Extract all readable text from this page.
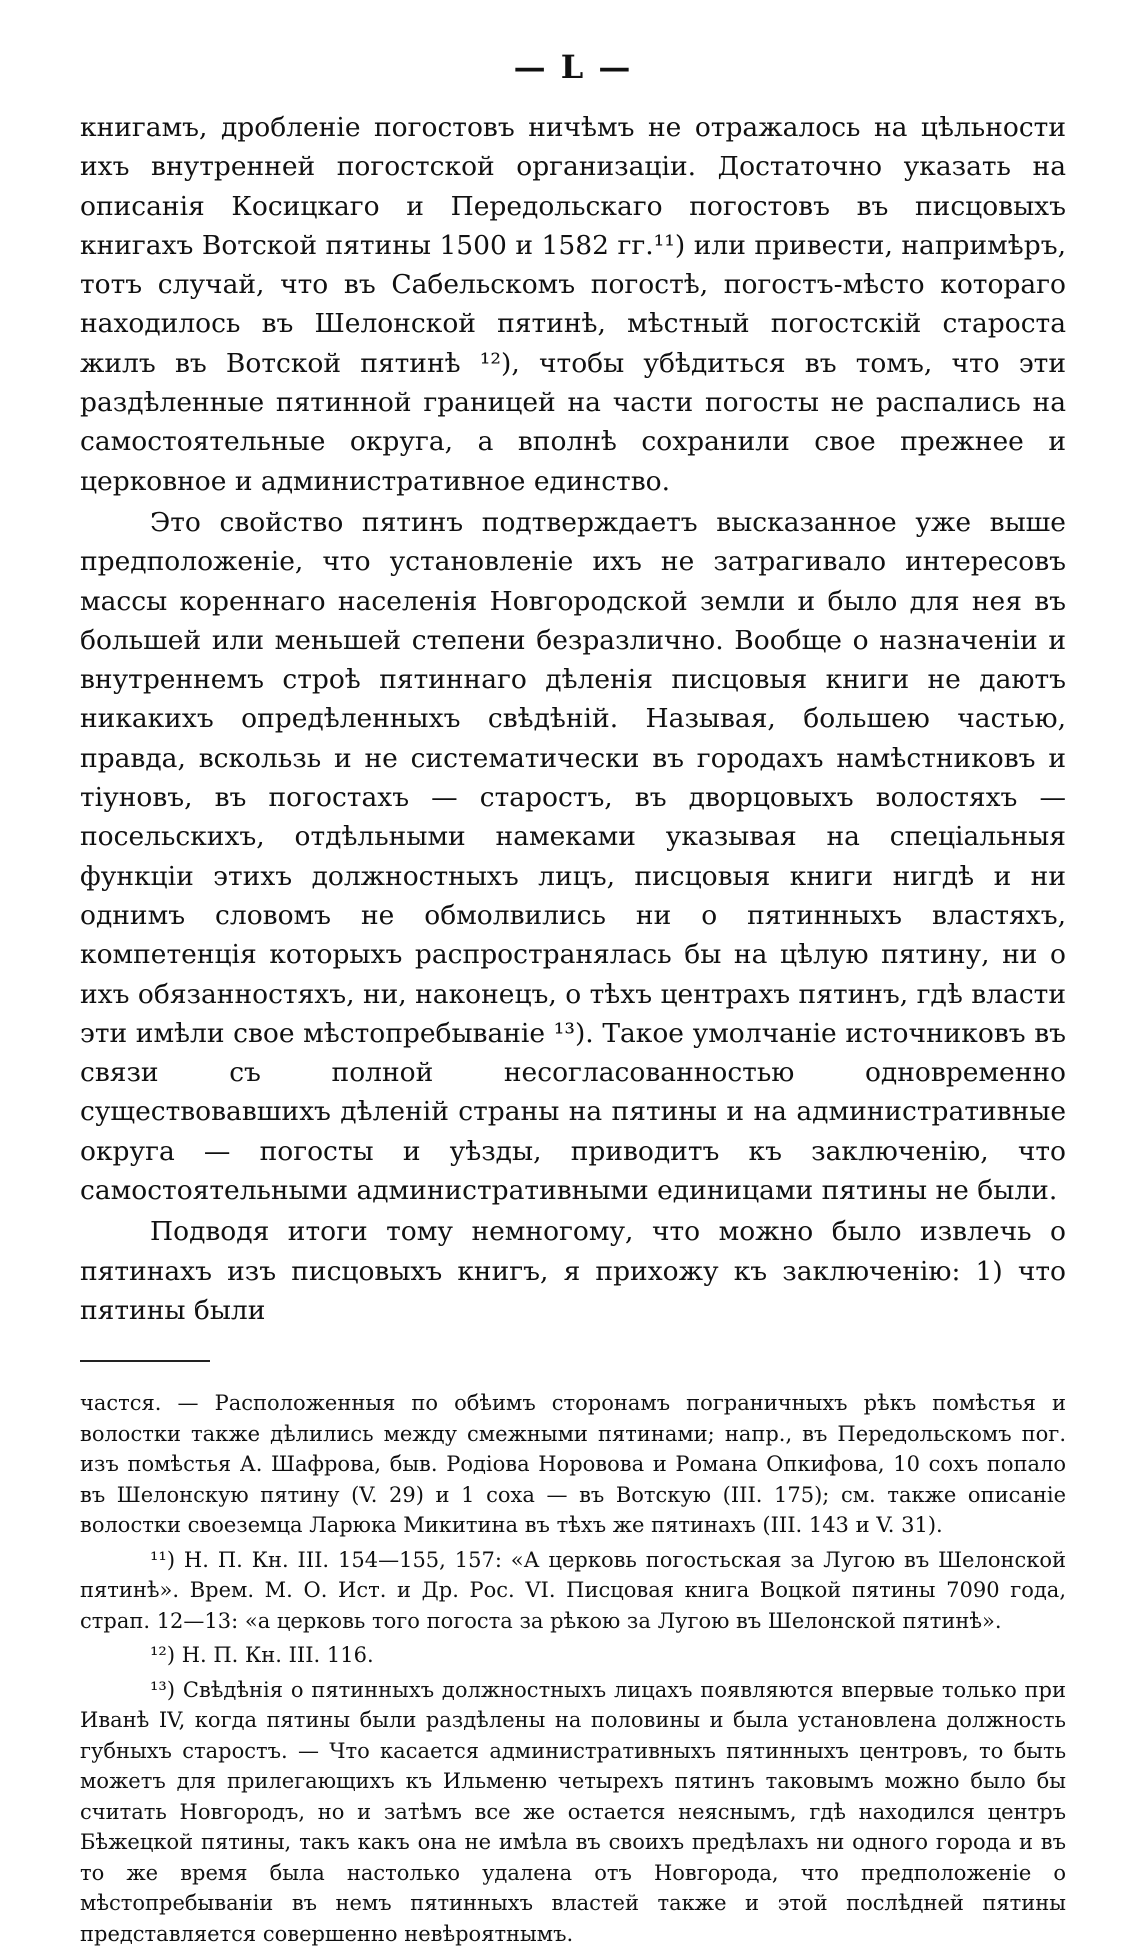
— L —

книгамъ, дробленіе погостовъ ничѣмъ не отражалось на цѣльности ихъ внутренней погостской организаціи. Достаточно указать на описанія Косицкаго и Передольскаго погостовъ въ писцовыхъ книгахъ Вотской пятины 1500 и 1582 гг.¹¹) или привести, напримѣръ, тотъ случай, что въ Сабельскомъ погостѣ, погостъ-мѣсто котораго находилось въ Шелонской пятинѣ, мѣстный погостскій староста жилъ въ Вотской пятинѣ ¹²), чтобы убѣдиться въ томъ, что эти раздѣленные пятинной границей на части погосты не распались на самостоятельные округа, а вполнѣ сохранили свое прежнее и церковное и административное единство.

Это свойство пятинъ подтверждаетъ высказанное уже выше предположеніе, что установленіе ихъ не затрагивало интересовъ массы кореннаго населенія Новгородской земли и было для нея въ большей или меньшей степени безразлично. Вообще о назначеніи и внутреннемъ строѣ пятиннаго дѣленія писцовыя книги не даютъ никакихъ опредѣленныхъ свѣдѣній. Называя, большею частью, правда, вскользь и не систематически въ городахъ намѣстниковъ и тіуновъ, въ погостахъ — старостъ, въ дворцовыхъ волостяхъ — посельскихъ, отдѣльными намеками указывая на спеціальныя функціи этихъ должностныхъ лицъ, писцовыя книги нигдѣ и ни однимъ словомъ не обмолвились ни о пятинныхъ властяхъ, компетенція которыхъ распространялась бы на цѣлую пятину, ни о ихъ обязанностяхъ, ни, наконецъ, о тѣхъ центрахъ пятинъ, гдѣ власти эти имѣли свое мѣстопребываніе ¹³). Такое умолчаніе источниковъ въ связи съ полной несогласованностью одновременно существовавшихъ дѣленій страны на пятины и на административные округа — погосты и уѣзды, приводитъ къ заключенію, что самостоятельными административными единицами пятины не были.

Подводя итоги тому немногому, что можно было извлечь о пятинахъ изъ писцовыхъ книгъ, я прихожу къ заключенію: 1) что пятины были

частся. — Расположенныя по обѣимъ сторонамъ пограничныхъ рѣкъ помѣстья и волостки также дѣлились между смежными пятинами; напр., въ Передольскомъ пог. изъ помѣстья А. Шафрова, быв. Родіова Норовова и Романа Опкифова, 10 сохъ попало въ Шелонскую пятину (V. 29) и 1 соха — въ Вотскую (III. 175); см. также описаніе волостки своеземца Ларюка Микитина въ тѣхъ же пятинахъ (III. 143 и V. 31).

¹¹) Н. П. Кн. III. 154—155, 157: «А церковь погостьская за Лугою въ Шелонской пятинѣ». Врем. М. О. Ист. и Др. Рос. VI. Писцовая книга Воцкой пятины 7090 года, страп. 12—13: «а церковь того погоста за рѣкою за Лугою въ Шелонской пятинѣ».

¹²) Н. П. Кн. III. 116.

¹³) Свѣдѣнія о пятинныхъ должностныхъ лицахъ появляются впервые только при Иванѣ IV, когда пятины были раздѣлены на половины и была установлена должность губныхъ старостъ. — Что касается административныхъ пятинныхъ центровъ, то быть можетъ для прилегающихъ къ Ильменю четырехъ пятинъ таковымъ можно было бы считать Новгородъ, но и затѣмъ все же остается неяснымъ, гдѣ находился центръ Бѣжецкой пятины, такъ какъ она не имѣла въ своихъ предѣлахъ ни одного города и въ то же время была настолько удалена отъ Новгорода, что предположеніе о мѣстопребываніи въ немъ пятинныхъ властей также и этой послѣдней пятины представляется совершенно невѣроятнымъ.
